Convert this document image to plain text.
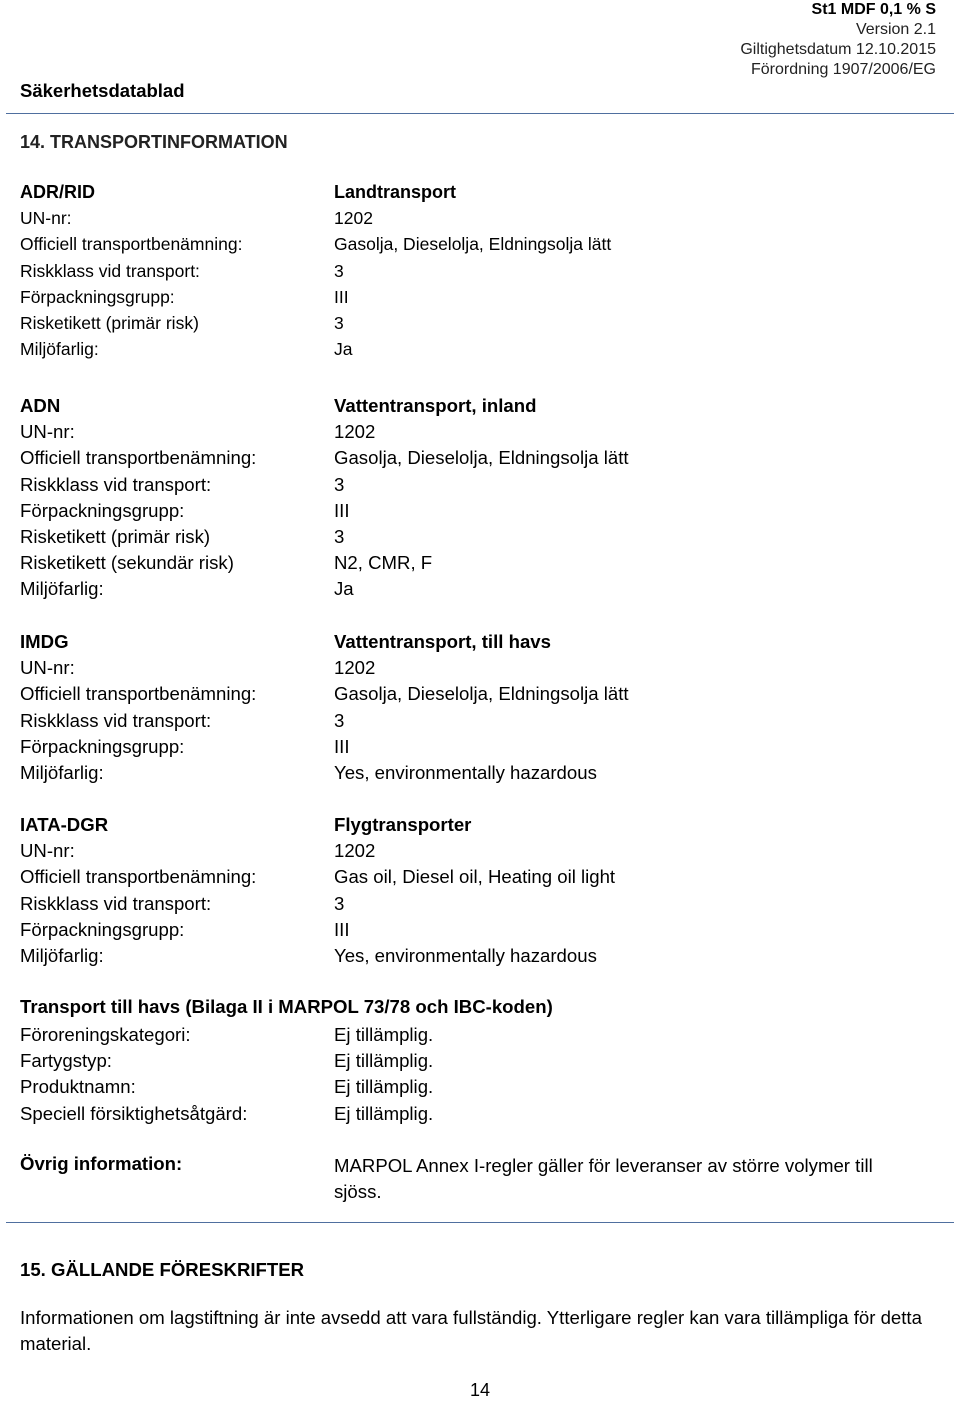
St1 MDF 0,1 % S
Version 2.1
Giltighetsdatum 12.10.2015
Förordning 1907/2006/EG
Säkerhetsdatablad
14. TRANSPORTINFORMATION
ADR/RID	Landtransport
UN-nr:	1202
Officiell transportbenämning:	Gasolja, Dieselolja, Eldningsolja lätt
Riskklass vid transport:	3
Förpackningsgrupp:	III
Risketikett (primär risk)	3
Miljöfarlig:	Ja
ADN	Vattentransport, inland
UN-nr:	1202
Officiell transportbenämning:	Gasolja, Dieselolja, Eldningsolja lätt
Riskklass vid transport:	3
Förpackningsgrupp:	III
Risketikett (primär risk)	3
Risketikett (sekundär risk)	N2, CMR, F
Miljöfarlig:	Ja
IMDG	Vattentransport, till havs
UN-nr:	1202
Officiell transportbenämning:	Gasolja, Dieselolja, Eldningsolja lätt
Riskklass vid transport:	3
Förpackningsgrupp:	III
Miljöfarlig:	Yes, environmentally hazardous
IATA-DGR	Flygtransporter
UN-nr:	1202
Officiell transportbenämning:	Gas oil, Diesel oil, Heating oil light
Riskklass vid transport:	3
Förpackningsgrupp:	III
Miljöfarlig:	Yes, environmentally hazardous
Transport till havs (Bilaga II i MARPOL 73/78 och IBC-koden)
Föroreningskategori:	Ej tillämplig.
Fartygstyp:	Ej tillämplig.
Produktnamn:	Ej tillämplig.
Speciell försiktighetsåtgärd:	Ej tillämplig.
Övrig information:	MARPOL Annex I-regler gäller för leveranser av större volymer till sjöss.
15. GÄLLANDE FÖRESKRIFTER
Informationen om lagstiftning är inte avsedd att vara fullständig. Ytterligare regler kan vara tillämpliga för detta material.
14
